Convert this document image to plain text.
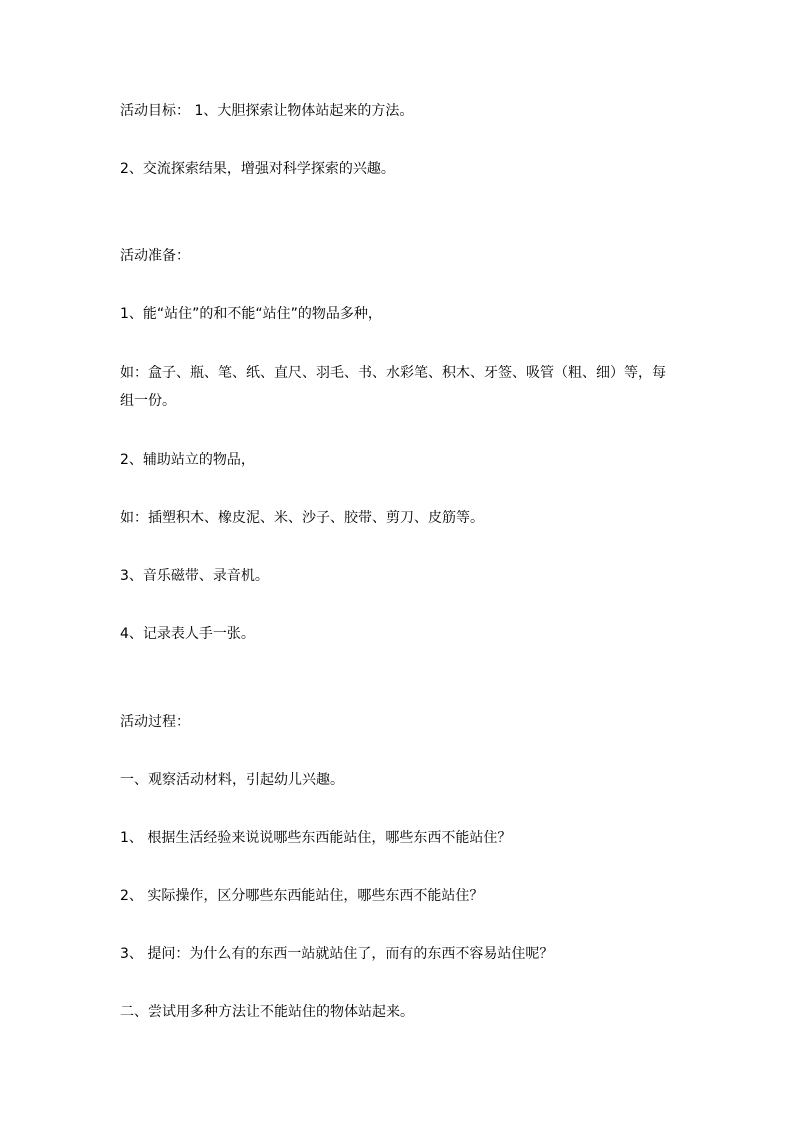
活动目标： 1、大胆探索让物体站起来的方法。

2、交流探索结果，增强对科学探索的兴趣。

活动准备：

1、能“站住”的和不能“站住”的物品多种，

如：盒子、瓶、笔、纸、直尺、羽毛、书、水彩笔、积木、牙签、吸管（粗、细）等，每组一份。

2、辅助站立的物品，

如：插塑积木、橡皮泥、米、沙子、胶带、剪刀、皮筋等。

3、音乐磁带、录音机。

4、记录表人手一张。

活动过程：

一、观察活动材料，引起幼儿兴趣。

1、 根据生活经验来说说哪些东西能站住，哪些东西不能站住？

2、 实际操作，区分哪些东西能站住，哪些东西不能站住？

3、 提问：为什么有的东西一站就站住了，而有的东西不容易站住呢？

二、尝试用多种方法让不能站住的物体站起来。
